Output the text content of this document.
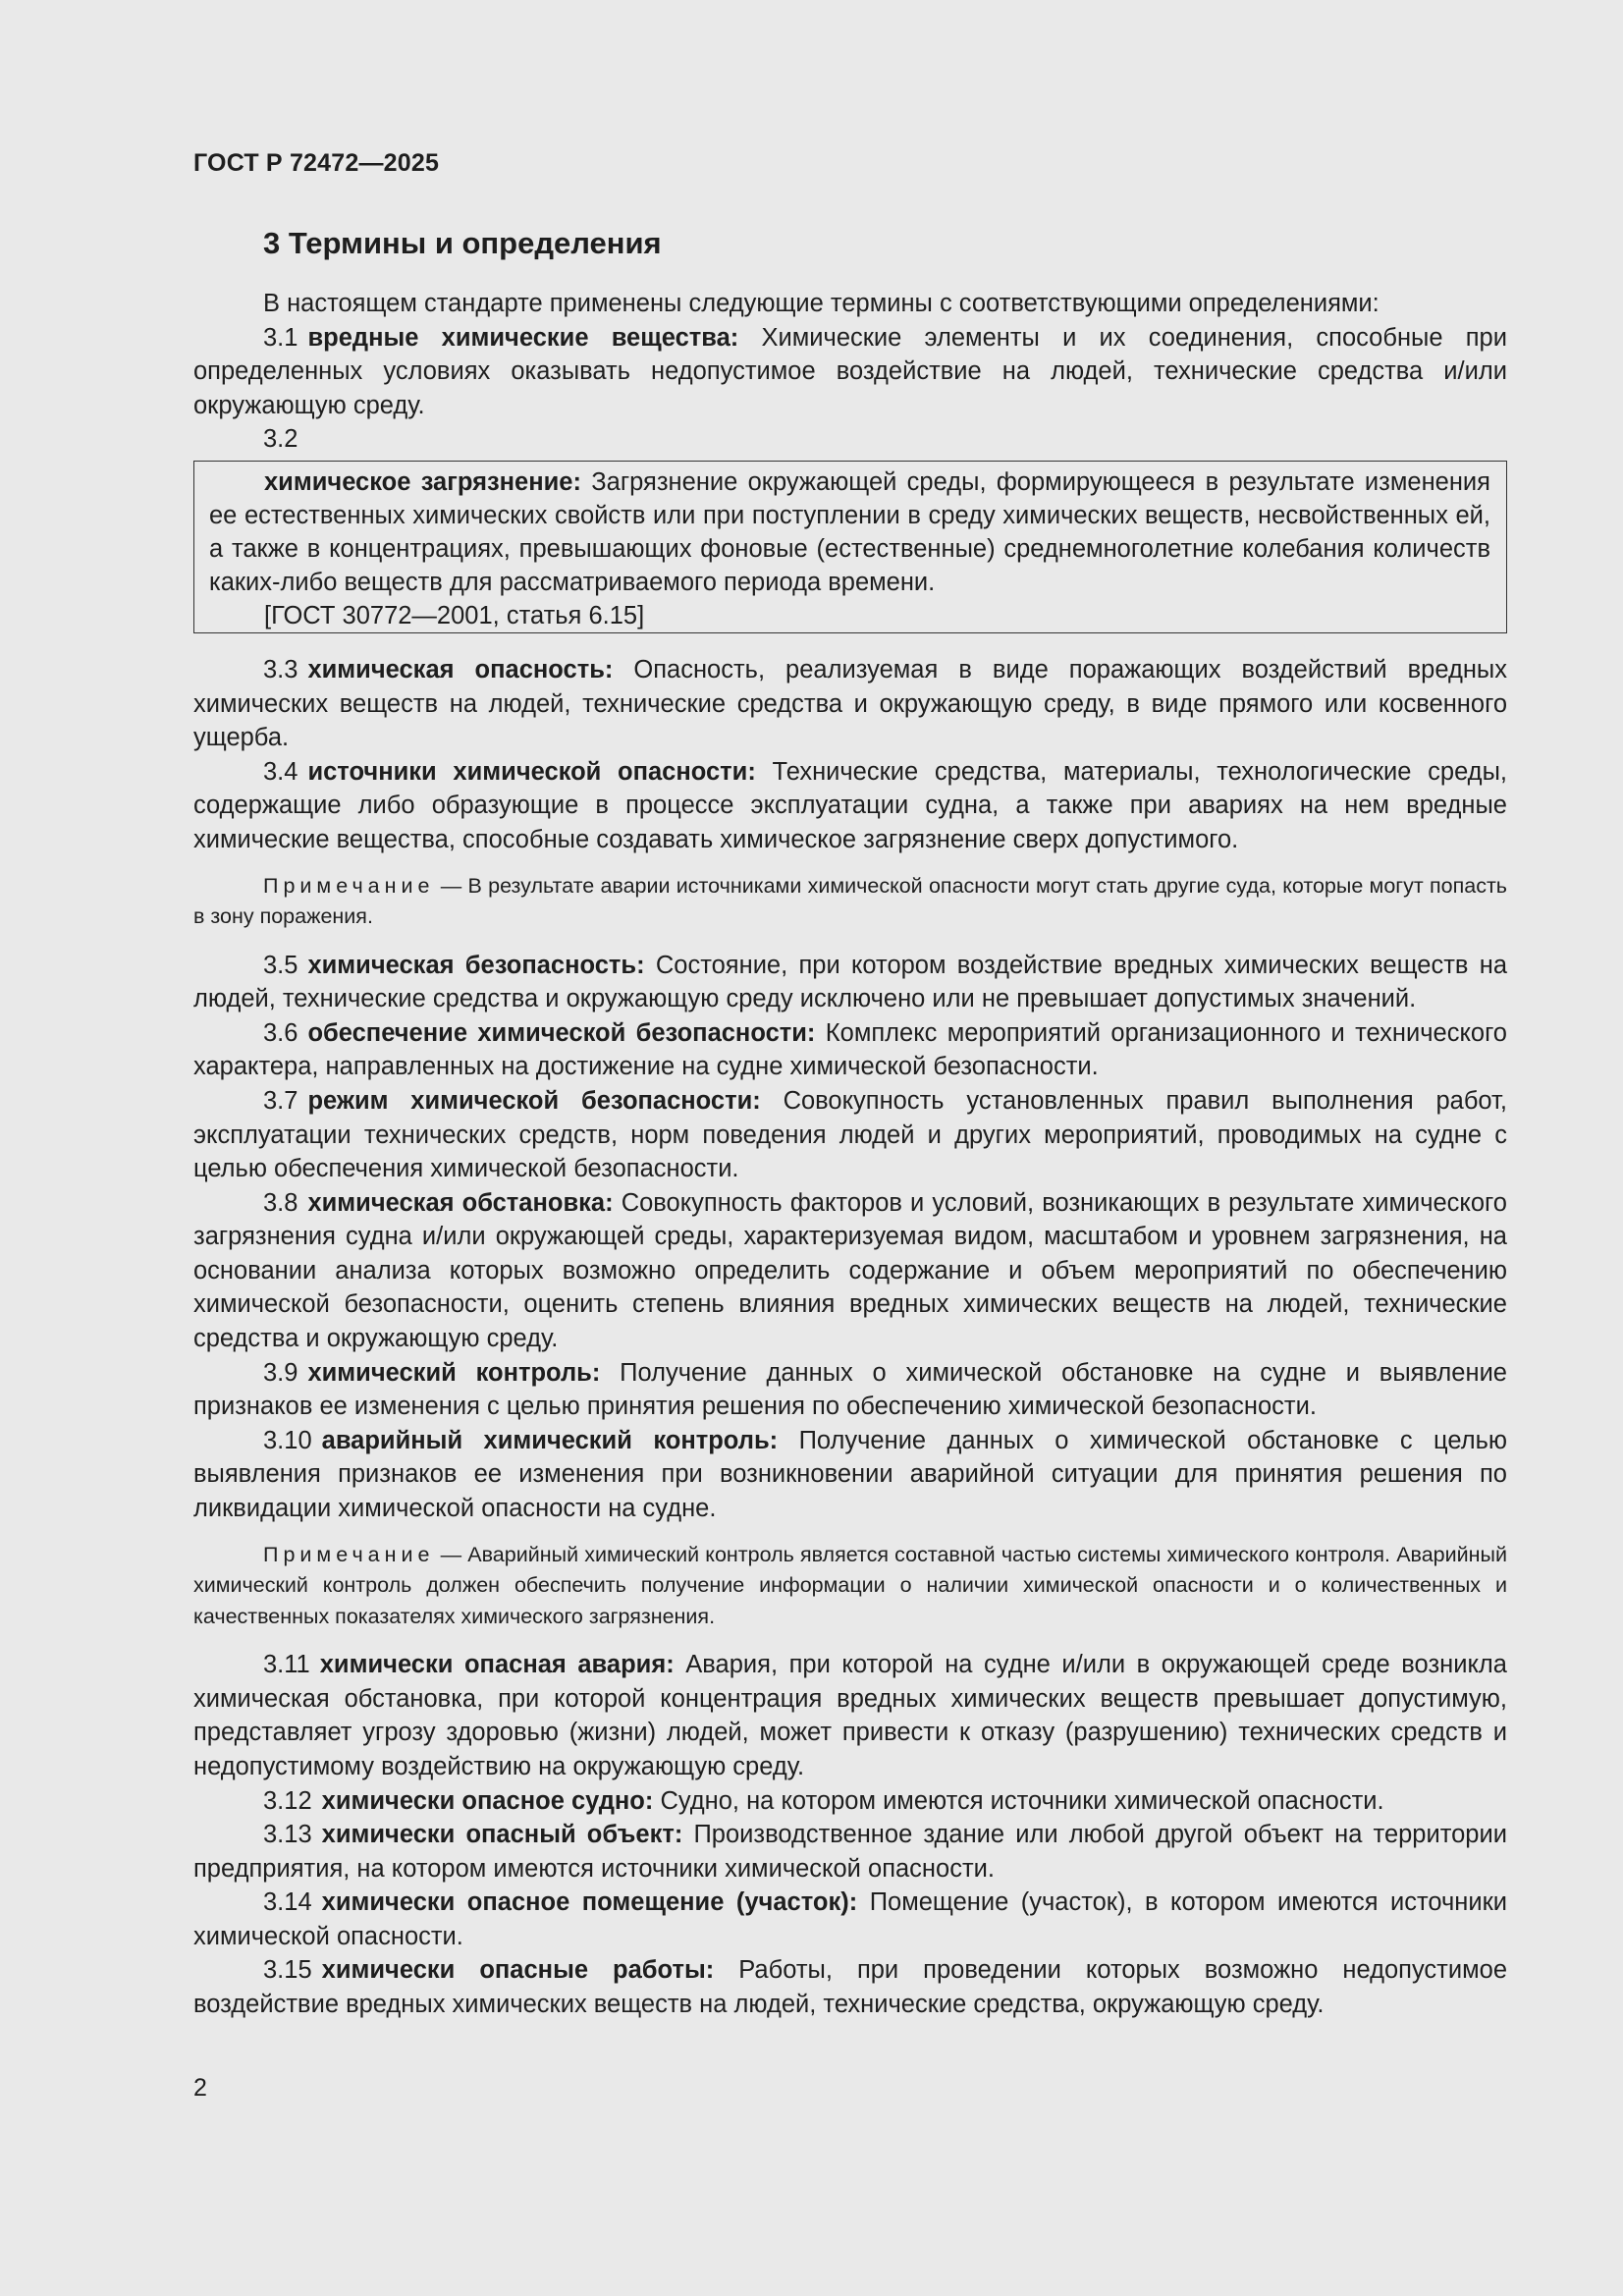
ГОСТ Р 72472—2025
3 Термины и определения

В настоящем стандарте применены следующие термины с соответствующими определениями:

3.1 вредные химические вещества: Химические элементы и их соединения, способные при определенных условиях оказывать недопустимое воздействие на людей, технические средства и/или окружающую среду.

3.2

химическое загрязнение: Загрязнение окружающей среды, формирующееся в результате изменения ее естественных химических свойств или при поступлении в среду химических веществ, несвойственных ей, а также в концентрациях, превышающих фоновые (естественные) среднемноголетние колебания количеств каких-либо веществ для рассматриваемого периода времени.

[ГОСТ 30772—2001, статья 6.15]

3.3 химическая опасность: Опасность, реализуемая в виде поражающих воздействий вредных химических веществ на людей, технические средства и окружающую среду, в виде прямого или косвенного ущерба.

3.4 источники химической опасности: Технические средства, материалы, технологические среды, содержащие либо образующие в процессе эксплуатации судна, а также при авариях на нем вредные химические вещества, способные создавать химическое загрязнение сверх допустимого.

Примечание — В результате аварии источниками химической опасности могут стать другие суда, которые могут попасть в зону поражения.

3.5 химическая безопасность: Состояние, при котором воздействие вредных химических веществ на людей, технические средства и окружающую среду исключено или не превышает допустимых значений.

3.6 обеспечение химической безопасности: Комплекс мероприятий организационного и технического характера, направленных на достижение на судне химической безопасности.

3.7 режим химической безопасности: Совокупность установленных правил выполнения работ, эксплуатации технических средств, норм поведения людей и других мероприятий, проводимых на судне с целью обеспечения химической безопасности.

3.8 химическая обстановка: Совокупность факторов и условий, возникающих в результате химического загрязнения судна и/или окружающей среды, характеризуемая видом, масштабом и уровнем загрязнения, на основании анализа которых возможно определить содержание и объем мероприятий по обеспечению химической безопасности, оценить степень влияния вредных химических веществ на людей, технические средства и окружающую среду.

3.9 химический контроль: Получение данных о химической обстановке на судне и выявление признаков ее изменения с целью принятия решения по обеспечению химической безопасности.

3.10 аварийный химический контроль: Получение данных о химической обстановке с целью выявления признаков ее изменения при возникновении аварийной ситуации для принятия решения по ликвидации химической опасности на судне.

Примечание — Аварийный химический контроль является составной частью системы химического контроля. Аварийный химический контроль должен обеспечить получение информации о наличии химической опасности и о количественных и качественных показателях химического загрязнения.

3.11 химически опасная авария: Авария, при которой на судне и/или в окружающей среде возникла химическая обстановка, при которой концентрация вредных химических веществ превышает допустимую, представляет угрозу здоровью (жизни) людей, может привести к отказу (разрушению) технических средств и недопустимому воздействию на окружающую среду.

3.12 химически опасное судно: Судно, на котором имеются источники химической опасности.

3.13 химически опасный объект: Производственное здание или любой другой объект на территории предприятия, на котором имеются источники химической опасности.

3.14 химически опасное помещение (участок): Помещение (участок), в котором имеются источники химической опасности.

3.15 химически опасные работы: Работы, при проведении которых возможно недопустимое воздействие вредных химических веществ на людей, технические средства, окружающую среду.

2
